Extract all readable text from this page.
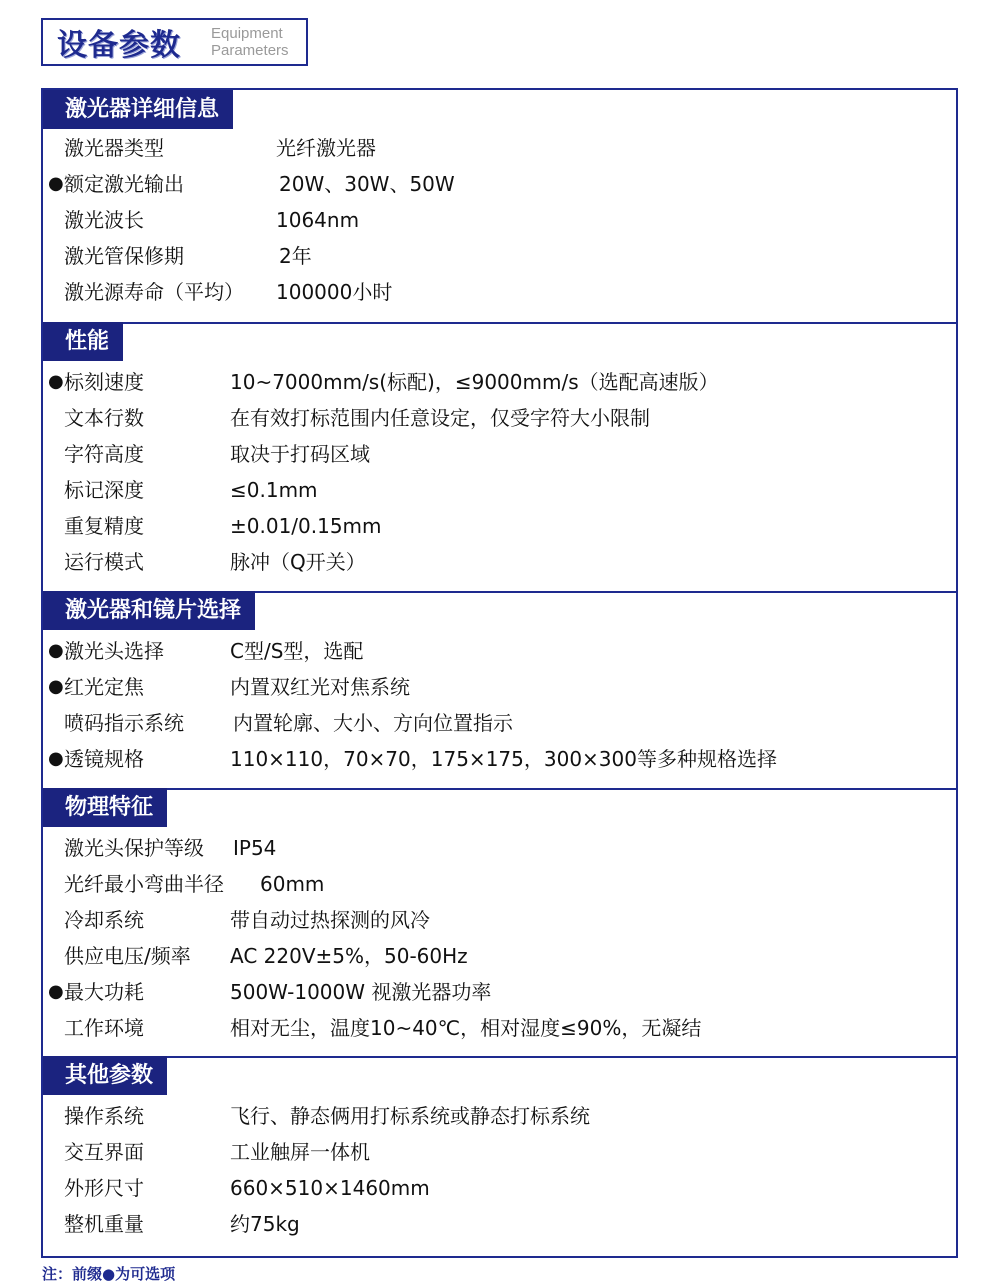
设备参数 Equipment
Parameters
激光器详细信息
激光器类型	光纤激光器
● 额定激光输出	20W、30W、50W
激光波长	1064nm
激光管保修期	2年
激光源寿命（平均） 100000小时
性能
● 标刻速度	10~7000mm/s(标配)，≤9000mm/s（选配高速版）
文本行数	在有效打标范围内任意设定，仅受字符大小限制
字符高度	取决于打码区域
标记深度	≤0.1mm
重复精度	±0.01/0.15mm
运行模式	脉冲（Q开关）
激光器和镜片选择
● 激光头选择	C型/S型，选配
● 红光定焦	内置双红光对焦系统
喷码指示系统 内置轮廓、大小、方向位置指示
● 透镜规格	110×110，70×70，175×175，300×300等多种规格选择
物理特征
激光头保护等级 IP54
光纤最小弯曲半径 60mm
冷却系统	带自动过热探测的风冷
供应电压/频率 AC 220V±5%，50-60Hz
● 最大功耗	500W-1000W 视激光器功率
工作环境	相对无尘，温度10~40℃，相对湿度≤90%，无凝结
其他参数
操作系统	飞行、静态俩用打标系统或静态打标系统
交互界面	工业触屏一体机
外形尺寸	660×510×1460mm
整机重量	约75kg
注：前缀●为可选项
